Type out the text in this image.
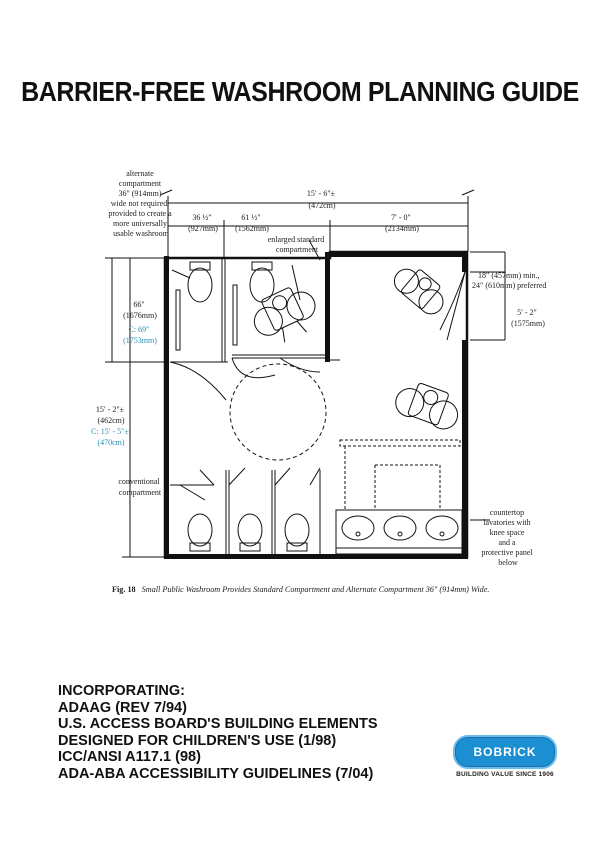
BARRIER-FREE WASHROOM PLANNING GUIDE
alternate compartment 36″ (914mm) wide not required, provided to create a more universally usable washroom
15′ - 6″± (472cm)
36 ½″ (927mm)
61 ½″ (1562mm)
7′ - 0″ (2134mm)
enlarged standard compartment
18″ (457mm) min., 24″ (610mm) preferred
5′ - 2″ (1575mm)
66″ (1676mm)
C: 69″ (1753mm)
15′ - 2″± (462cm)
C: 15′ - 5″± (470cm)
conventional compartment
countertop lavatories with knee space and a protective panel below
Fig. 18 Small Public Washroom Provides Standard Compartment and Alternate Compartment 36″ (914mm) Wide.
INCORPORATING:
ADAAG (REV 7/94)
U.S. ACCESS BOARD'S BUILDING ELEMENTS
DESIGNED FOR CHILDREN'S USE (1/98)
ICC/ANSI A117.1 (98)
ADA-ABA ACCESSIBILITY GUIDELINES (7/04)
BOBRICK
BUILDING VALUE SINCE 1906
